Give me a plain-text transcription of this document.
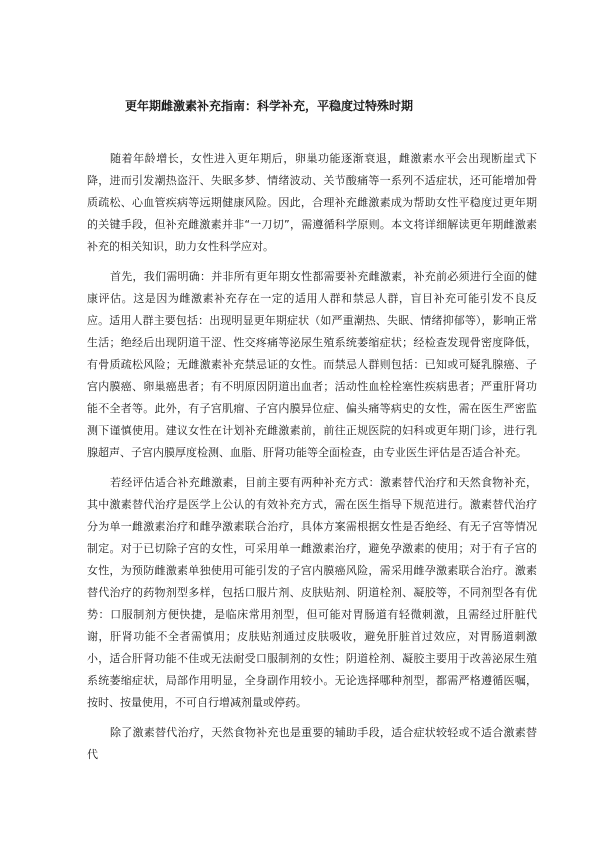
更年期雌激素补充指南：科学补充，平稳度过特殊时期

随着年龄增长，女性进入更年期后，卵巢功能逐渐衰退，雌激素水平会出现断崖式下降，进而引发潮热盗汗、失眠多梦、情绪波动、关节酸痛等一系列不适症状，还可能增加骨质疏松、心血管疾病等远期健康风险。因此，合理补充雌激素成为帮助女性平稳度过更年期的关键手段，但补充雌激素并非“一刀切”，需遵循科学原则。本文将详细解读更年期雌激素补充的相关知识，助力女性科学应对。

首先，我们需明确：并非所有更年期女性都需要补充雌激素，补充前必须进行全面的健康评估。这是因为雌激素补充存在一定的适用人群和禁忌人群，盲目补充可能引发不良反应。适用人群主要包括：出现明显更年期症状（如严重潮热、失眠、情绪抑郁等），影响正常生活；绝经后出现阴道干涩、性交疼痛等泌尿生殖系统萎缩症状；经检查发现骨密度降低，有骨质疏松风险；无雌激素补充禁忌证的女性。而禁忌人群则包括：已知或可疑乳腺癌、子宫内膜癌、卵巢癌患者；有不明原因阴道出血者；活动性血栓栓塞性疾病患者；严重肝肾功能不全者等。此外，有子宫肌瘤、子宫内膜异位症、偏头痛等病史的女性，需在医生严密监测下谨慎使用。建议女性在计划补充雌激素前，前往正规医院的妇科或更年期门诊，进行乳腺超声、子宫内膜厚度检测、血脂、肝肾功能等全面检查，由专业医生评估是否适合补充。

若经评估适合补充雌激素，目前主要有两种补充方式：激素替代治疗和天然食物补充，其中激素替代治疗是医学上公认的有效补充方式，需在医生指导下规范进行。激素替代治疗分为单一雌激素治疗和雌孕激素联合治疗，具体方案需根据女性是否绝经、有无子宫等情况制定。对于已切除子宫的女性，可采用单一雌激素治疗，避免孕激素的使用；对于有子宫的女性，为预防雌激素单独使用可能引发的子宫内膜癌风险，需采用雌孕激素联合治疗。激素替代治疗的药物剂型多样，包括口服片剂、皮肤贴剂、阴道栓剂、凝胶等，不同剂型各有优势：口服制剂方便快捷，是临床常用剂型，但可能对胃肠道有轻微刺激，且需经过肝脏代谢，肝肾功能不全者需慎用；皮肤贴剂通过皮肤吸收，避免肝脏首过效应，对胃肠道刺激小，适合肝肾功能不佳或无法耐受口服制剂的女性；阴道栓剂、凝胶主要用于改善泌尿生殖系统萎缩症状，局部作用明显，全身副作用较小。无论选择哪种剂型，都需严格遵循医嘱，按时、按量使用，不可自行增减剂量或停药。

除了激素替代治疗，天然食物补充也是重要的辅助手段，适合症状较轻或不适合激素替代
